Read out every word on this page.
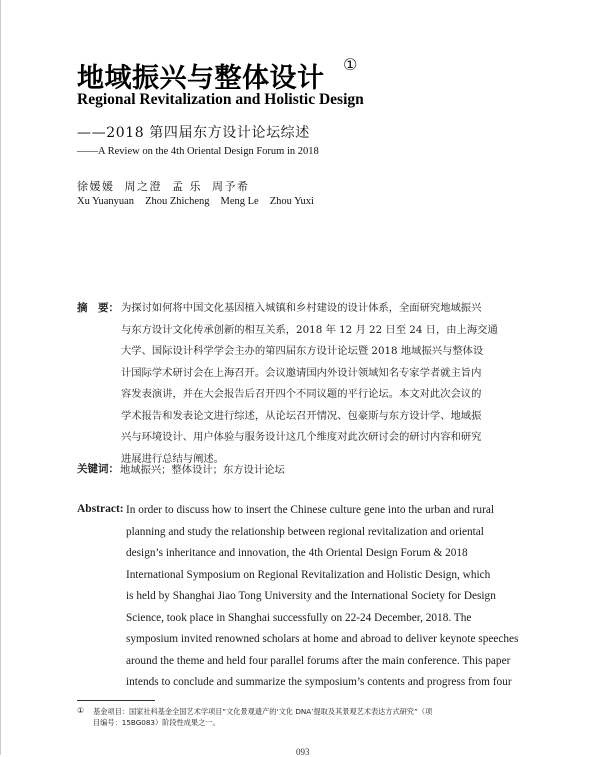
地域振兴与整体设计 ①
Regional Revitalization and Holistic Design
——2018 第四届东方设计论坛综述
——A Review on the 4th Oriental Design Forum in 2018
徐媛媛 周之澄 孟 乐 周予希
Xu Yuanyuan Zhou Zhicheng Meng Le Zhou Yuxi
摘　要： 为探讨如何将中国文化基因植入城镇和乡村建设的设计体系，全面研究地域振兴
与东方设计文化传承创新的相互关系，2018 年 12 月 22 日至 24 日，由上海交通
大学、国际设计科学学会主办的第四届东方设计论坛暨 2018 地域振兴与整体设
计国际学术研讨会在上海召开。会议邀请国内外设计领域知名专家学者就主旨内
容发表演讲，并在大会报告后召开四个不同议题的平行论坛。本文对此次会议的
学术报告和发表论文进行综述，从论坛召开情况、包豪斯与东方设计学、地域振
兴与环境设计、用户体验与服务设计这几个维度对此次研讨会的研讨内容和研究
进展进行总结与阐述。
关键词： 地域振兴；整体设计；东方设计论坛
Abstract: In order to discuss how to insert the Chinese culture gene into the urban and rural
planning and study the relationship between regional revitalization and oriental
design’s inheritance and innovation, the 4th Oriental Design Forum & 2018
International Symposium on Regional Revitalization and Holistic Design, which
is held by Shanghai Jiao Tong University and the International Society for Design
Science, took place in Shanghai successfully on 22-24 December, 2018. The
symposium invited renowned scholars at home and abroad to deliver keynote speeches
around the theme and held four parallel forums after the main conference. This paper
intends to conclude and summarize the symposium’s contents and progress from four
① 基金项目：国家社科基金全国艺术学项目“文化景观遗产的‘文化 DNA’提取及其景观艺术表达方式研究”（项
目编号：15BG083）阶段性成果之一。
093
